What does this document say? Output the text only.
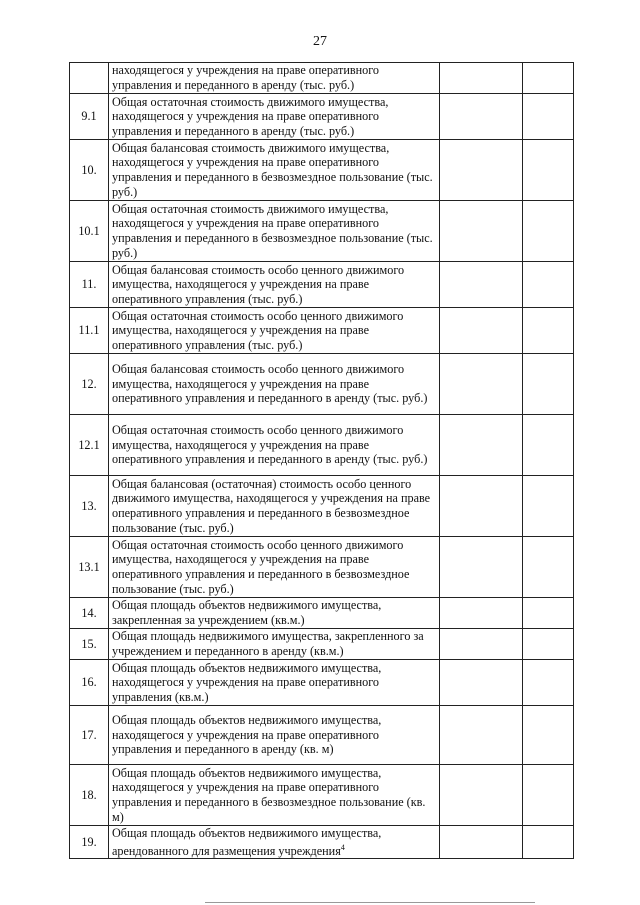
27
	находящегося у учреждения на праве оперативного управления и переданного в аренду (тыс. руб.)		
9.1	Общая остаточная стоимость движимого имущества, находящегося у учреждения на праве оперативного управления и переданного в аренду (тыс. руб.)		
10.	Общая балансовая стоимость движимого имущества, находящегося у учреждения на праве оперативного управления и переданного в безвозмездное пользование (тыс. руб.)		
10.1	Общая остаточная стоимость движимого имущества, находящегося у учреждения на праве оперативного управления и переданного в безвозмездное пользование (тыс. руб.)		
11.	Общая балансовая стоимость особо ценного движимого имущества, находящегося у учреждения на праве оперативного управления (тыс. руб.)		
11.1	Общая остаточная стоимость особо ценного движимого имущества, находящегося у учреждения на праве оперативного управления (тыс. руб.)		
12.	Общая балансовая стоимость особо ценного движимого имущества, находящегося у учреждения на праве оперативного управления и переданного в аренду (тыс. руб.)		
12.1	Общая остаточная стоимость особо ценного движимого имущества, находящегося у учреждения на праве оперативного управления и переданного в аренду (тыс. руб.)		
13.	Общая балансовая (остаточная) стоимость особо ценного движимого имущества, находящегося у учреждения на праве оперативного управления и переданного в безвозмездное пользование (тыс. руб.)		
13.1	Общая остаточная стоимость особо ценного движимого имущества, находящегося у учреждения на праве оперативного управления и переданного в безвозмездное пользование (тыс. руб.)		
14.	Общая площадь объектов недвижимого имущества, закрепленная за учреждением (кв.м.)		
15.	Общая площадь недвижимого имущества, закрепленного за учреждением и переданного в аренду (кв.м.)		
16.	Общая площадь объектов недвижимого имущества, находящегося у учреждения на праве оперативного управления (кв.м.)		
17.	Общая площадь объектов недвижимого имущества, находящегося у учреждения на праве оперативного управления и переданного в аренду (кв. м)		
18.	Общая площадь объектов недвижимого имущества, находящегося у учреждения на праве оперативного управления и переданного в безвозмездное пользование (кв. м)		
19.	Общая площадь объектов недвижимого имущества, арендованного для размещения учреждения$^4$		
